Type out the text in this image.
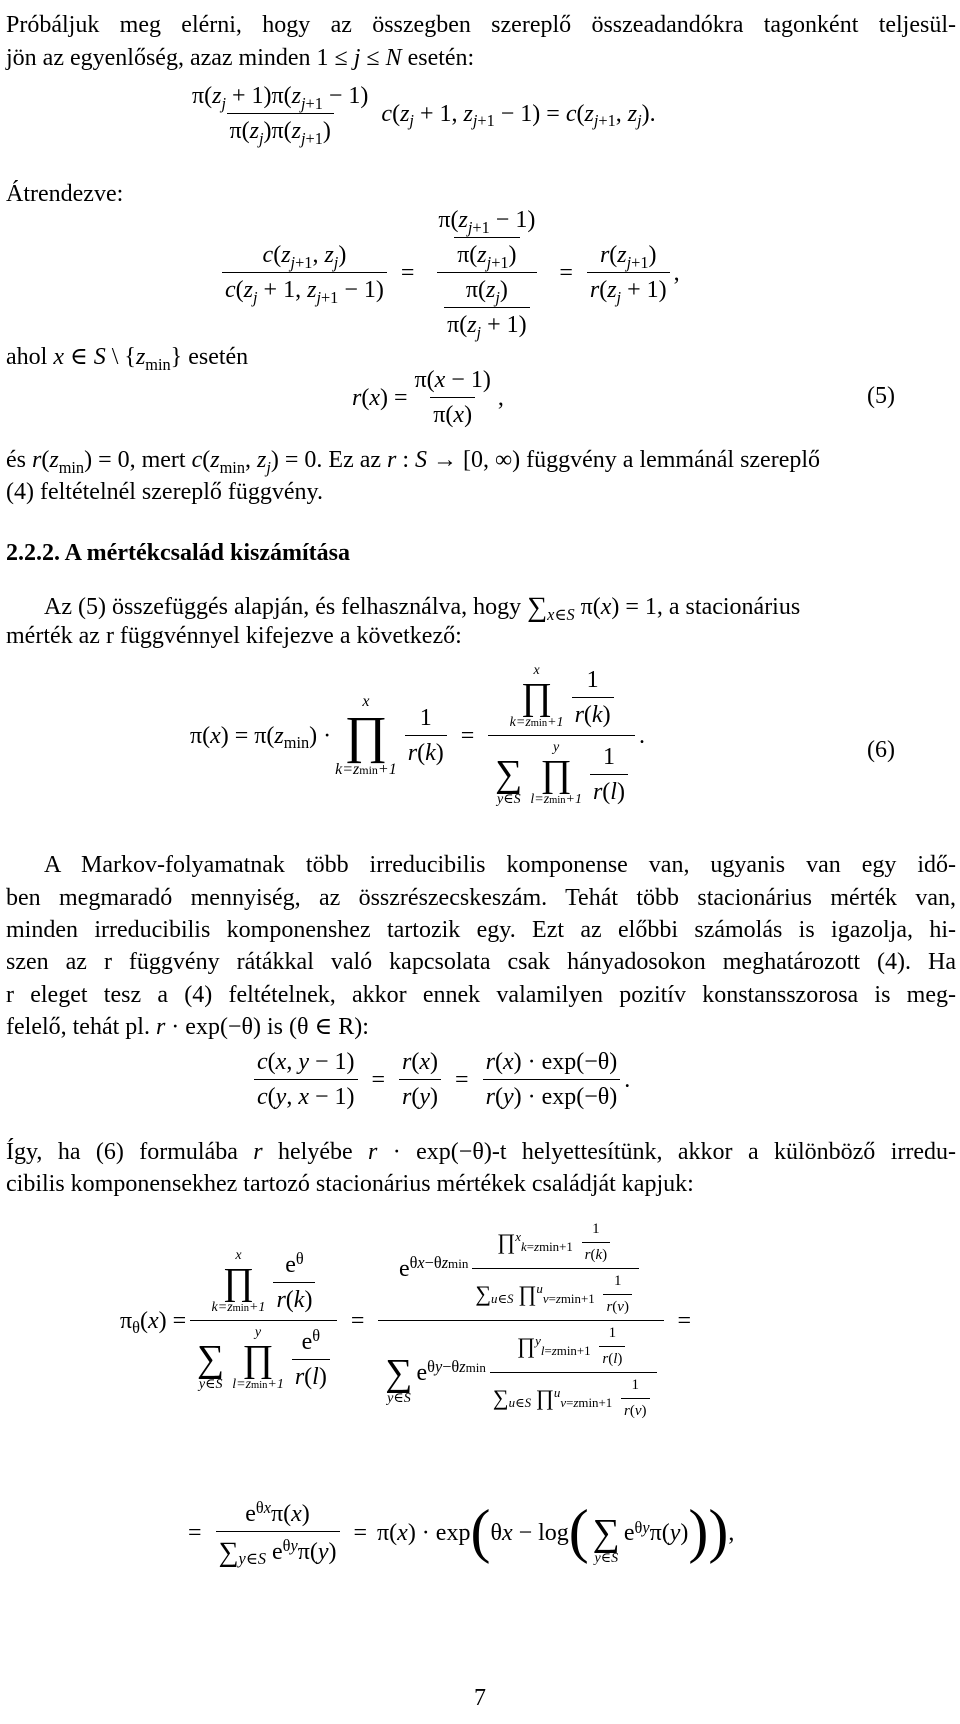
Próbáljuk meg elérni, hogy az összegben szereplő összeadandókra tagonként teljesül-
jön az egyenlőség, azaz minden 1 ≤ j ≤ N esetén:
$\frac{\pi(z_j + 1)\pi(z_{j+1} - 1)}{\pi(z_j)\pi(z_{j+1})} c(z_j + 1$, $z_{j+1} - 1) = c(z_{j+1}$, $z_j$).
Átrendezve:
$\frac{c(z_{j+1}, z_j)}{c(z_j + 1, z_{j+1} - 1)} = \frac{\frac{\pi(z_{j+1} - 1)}{\pi(z_{j+1})}}{\frac{\pi(z_j)}{\pi(z_j + 1)}} = \frac{r(z_{j+1})}{r(z_j + 1)}$ ,
ahol x ∈ S \ $\{z_{min}\}$ esetén
$r(x) = \frac{\pi(x - 1)}{\pi(x)}$ ,	(5)
és $r(z_{min}) = 0$, mert $c(z_{min}$, $z_j) = 0$. Ez az r : S → [0, ∞) függvény a lemmánál szereplő
(4) feltételnél szereplő függvény.
2.2.2. A mértékcsalád kiszámítása
Az (5) összefüggés alapján, és felhasználva, hogy $\sum_{x\in S}$ π(x) = 1, a stacionárius
mérték az r függvénnyel kifejezve a következő:
$\pi(x) = \pi(z_{min})$ ·
x
∏
k=zmin+1
$\frac{1}{r(k)}$ =	x
∏
$k=zmin+1 \frac{1}{r(k)}$

∑
y∈S
y
∏
$l=zmin+1 \frac{1}{r(l)}$ .
(6)
A Markov-folyamatnak több irreducibilis komponense van, ugyanis van egy idő-
ben megmaradó mennyiség, az összrészecskeszám. Tehát több stacionárius mérték van,
minden irreducibilis komponenshez tartozik egy. Ezt az előbbi számolás is igazolja, hi-
szen az r függvény rátákkal való kapcsolata csak hányadosokon meghatározott (4). Ha
r eleget tesz a (4) feltételnek, akkor ennek valamilyen pozitív konstansszorosa is meg-
felelő, tehát pl. r · exp(−θ) is (θ ∈ R):
$\frac{c(x, y - 1)}{c(y, x - 1)} = \frac{r(x)}{r(y)} = \frac{r(x) \cdot \exp(-\theta)}{r(y) \cdot \exp(-\theta)}$ .
Így, ha (6) formulába r helyébe r · exp(−θ)-t helyettesítünk, akkor a különböző irredu-
cibilis komponensekhez tartozó stacionárius mértékek családját kapjuk:
$\pi_\theta(x) = x$
∏
$k=zmin+1 \frac{e^\theta}{r(k)}$

∑
y∈S
y
∏
$l=zmin+1 \frac{e^\theta}{r(l)} = e^{\theta x-\theta zmin} \frac{\prod^x_{k=zmin+1} \frac{1}{r(k)}}{\sum_{u\in S} \prod^u_{v=zmin+1} \frac{1}{r(v)}}$

∑
y∈S
$e^{\theta y-\theta zmin} \frac{\prod^y_{l=zmin+1} \frac{1}{r(l)}}{\sum_{u\in S} \prod^u_{v=zmin+1} \frac{1}{r(v)}}$ =
= $\frac{e^{\theta x}\pi(x)}{\sum_{y\in S} e^{\theta y}\pi(y)} = \pi(x) \cdot \exp$ ( θx − log (
∑
y∈S
$e^{\theta y}\pi(y)$ ) ) ,
7
